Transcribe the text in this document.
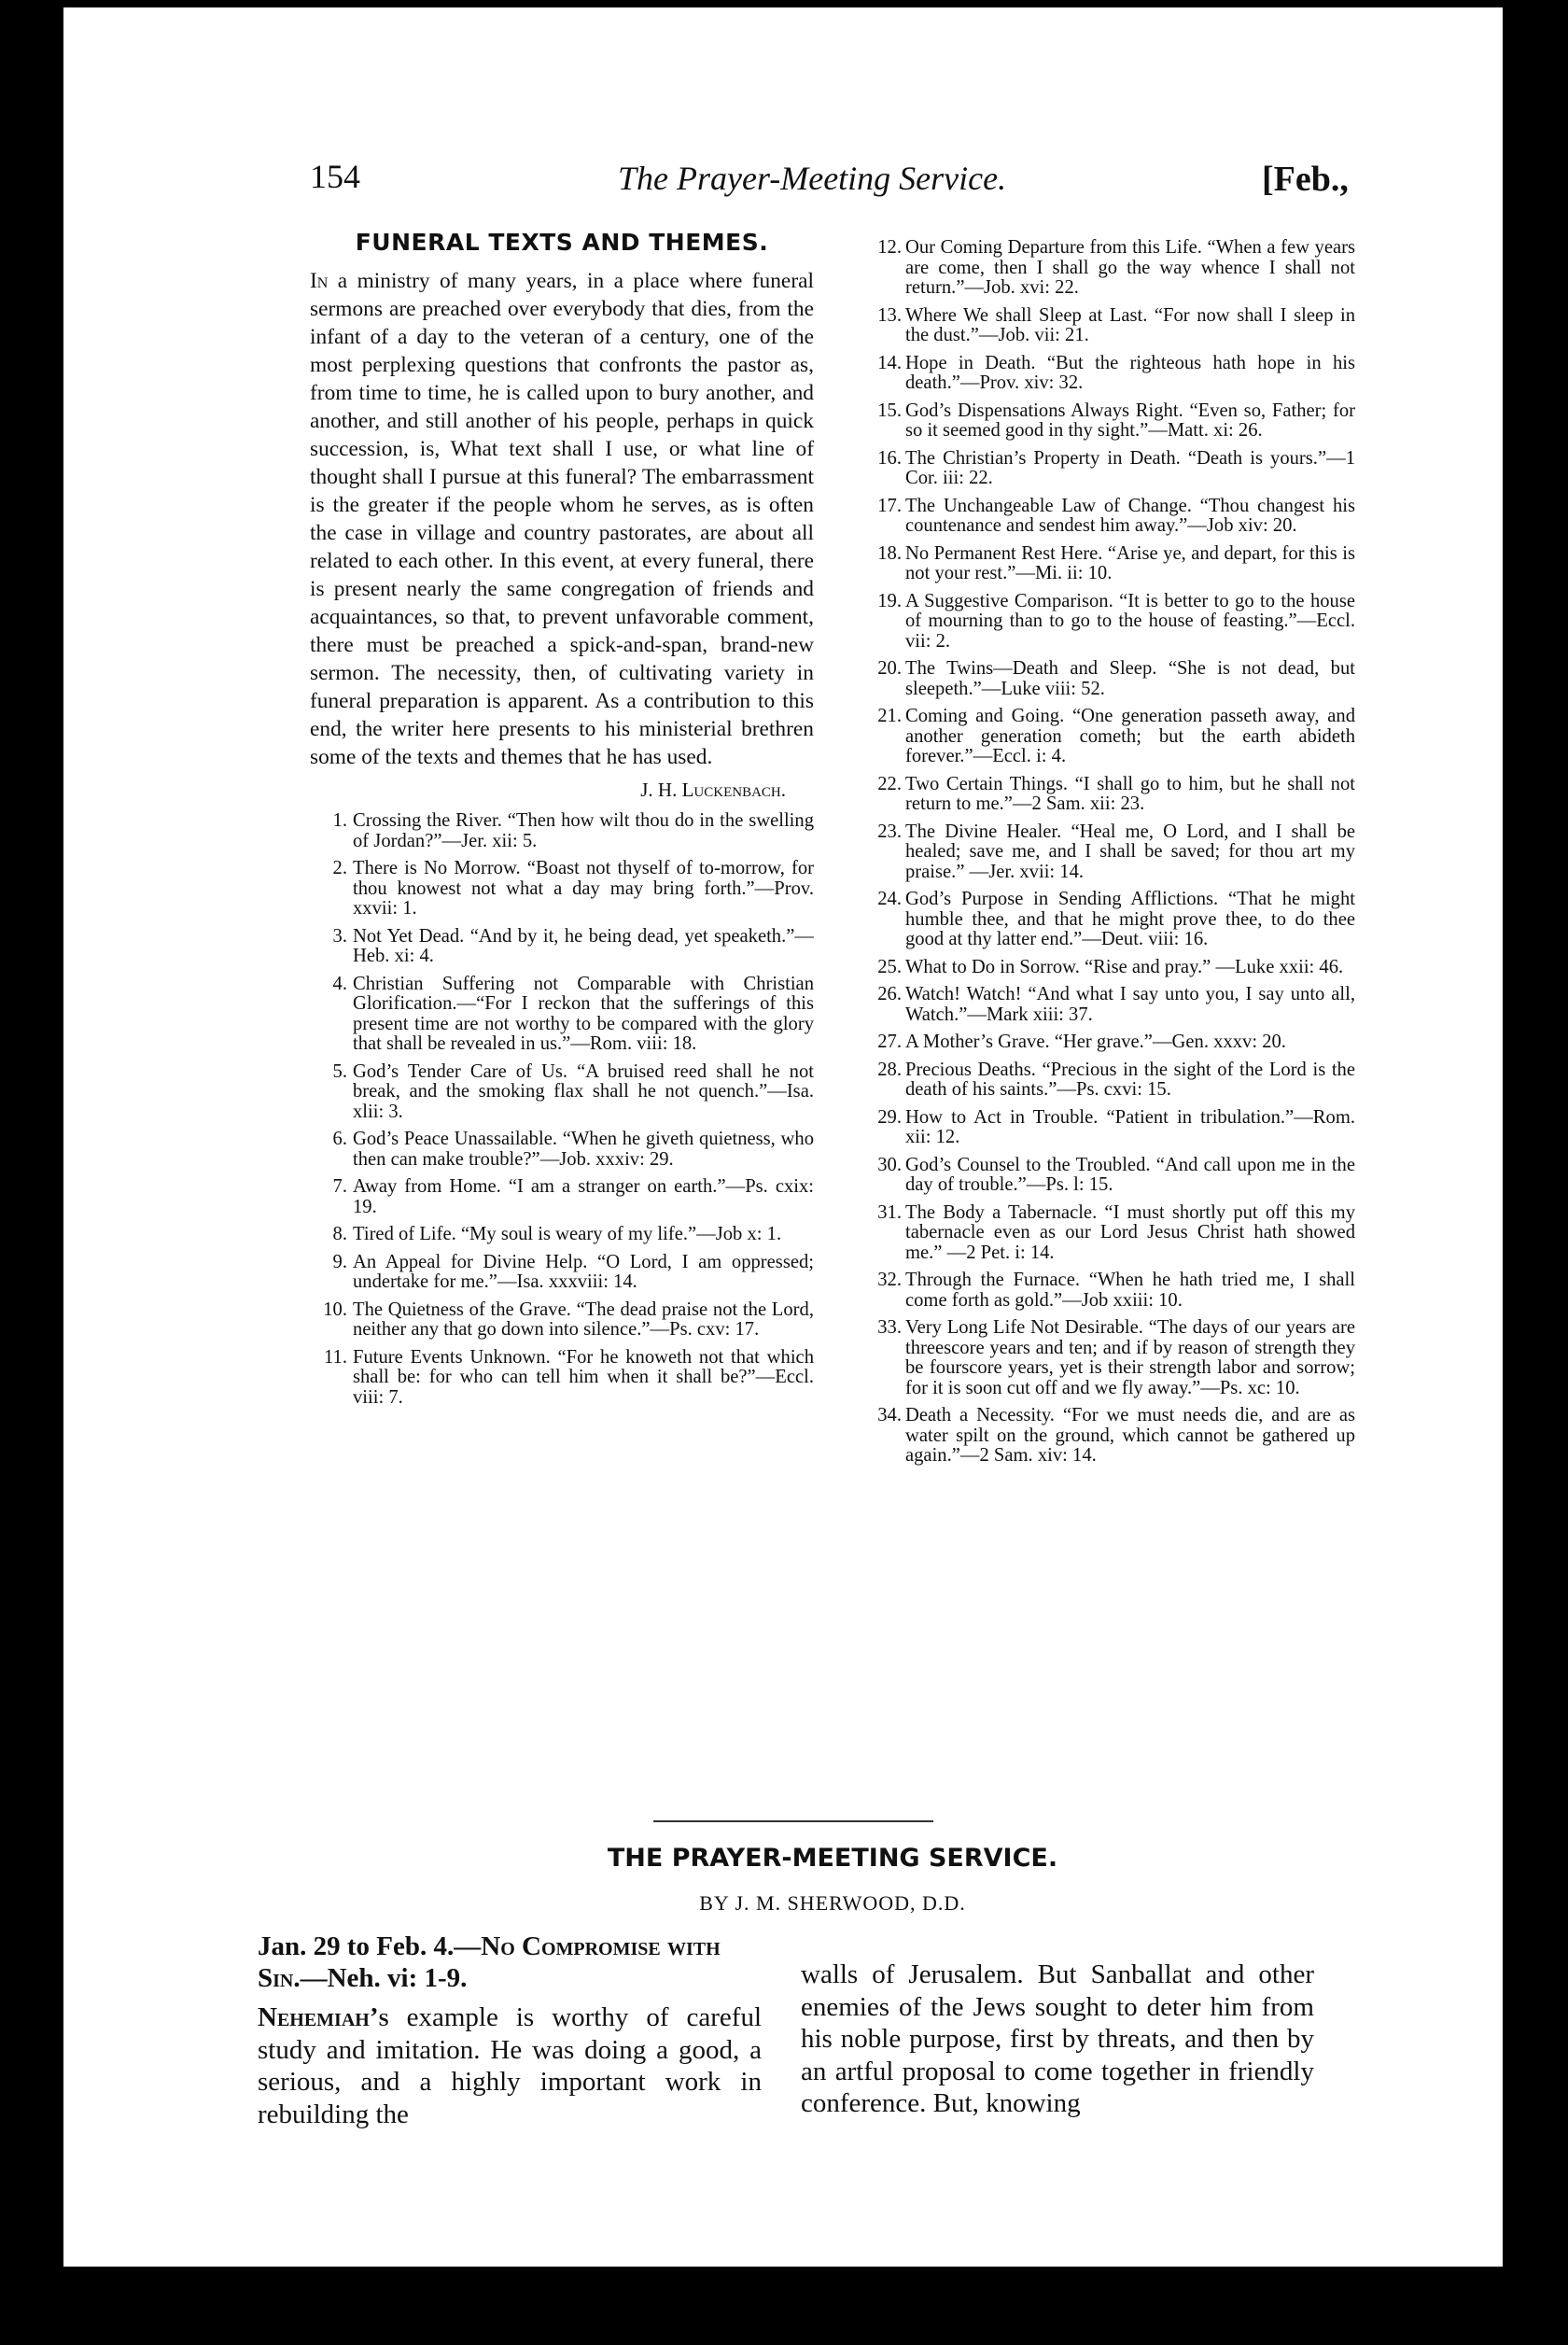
154	The Prayer-Meeting Service.	[Feb.,
FUNERAL TEXTS AND THEMES.

In a ministry of many years, in a place where funeral sermons are preached over everybody that dies, from the infant of a day to the veteran of a century, one of the most perplexing questions that confronts the pastor as, from time to time, he is called upon to bury another, and another, and still another of his people, perhaps in quick succession, is, What text shall I use, or what line of thought shall I pursue at this funeral? The embarrassment is the greater if the people whom he serves, as is often the case in village and country pastorates, are about all related to each other. In this event, at every funeral, there is present nearly the same congregation of friends and acquaintances, so that, to prevent unfavorable comment, there must be preached a spick-and-span, brand-new sermon. The necessity, then, of cultivating variety in funeral preparation is apparent. As a contribution to this end, the writer here presents to his ministerial brethren some of the texts and themes that he has used.

J. H. Luckenbach.
1. Crossing the River. “Then how wilt thou do in the swelling of Jordan?”—Jer. xii: 5.
2. There is No Morrow. “Boast not thyself of to-morrow, for thou knowest not what a day may bring forth.”—Prov. xxvii: 1.
3. Not Yet Dead. “And by it, he being dead, yet speaketh.”—Heb. xi: 4.
4. Christian Suffering not Comparable with Christian Glorification.—“For I reckon that the sufferings of this present time are not worthy to be compared with the glory that shall be revealed in us.”—Rom. viii: 18.
5. God’s Tender Care of Us. “A bruised reed shall he not break, and the smoking flax shall he not quench.”—Isa. xlii: 3.
6. God’s Peace Unassailable. “When he giveth quietness, who then can make trouble?”—Job. xxxiv: 29.
7. Away from Home. “I am a stranger on earth.”—Ps. cxix: 19.
8. Tired of Life. “My soul is weary of my life.”—Job x: 1.
9. An Appeal for Divine Help. “O Lord, I am oppressed; undertake for me.”—Isa. xxxviii: 14.
10. The Quietness of the Grave. “The dead praise not the Lord, neither any that go down into silence.”—Ps. cxv: 17.
11. Future Events Unknown. “For he knoweth not that which shall be: for who can tell him when it shall be?”—Eccl. viii: 7.
12. Our Coming Departure from this Life. “When a few years are come, then I shall go the way whence I shall not return.”—Job. xvi: 22.
13. Where We shall Sleep at Last. “For now shall I sleep in the dust.”—Job. vii: 21.
14. Hope in Death. “But the righteous hath hope in his death.”—Prov. xiv: 32.
15. God’s Dispensations Always Right. “Even so, Father; for so it seemed good in thy sight.”—Matt. xi: 26.
16. The Christian’s Property in Death. “Death is yours.”—1 Cor. iii: 22.
17. The Unchangeable Law of Change. “Thou changest his countenance and sendest him away.”—Job xiv: 20.
18. No Permanent Rest Here. “Arise ye, and depart, for this is not your rest.”—Mi. ii: 10.
19. A Suggestive Comparison. “It is better to go to the house of mourning than to go to the house of feasting.”—Eccl. vii: 2.
20. The Twins—Death and Sleep. “She is not dead, but sleepeth.”—Luke viii: 52.
21. Coming and Going. “One generation passeth away, and another generation cometh; but the earth abideth forever.”—Eccl. i: 4.
22. Two Certain Things. “I shall go to him, but he shall not return to me.”—2 Sam. xii: 23.
23. The Divine Healer. “Heal me, O Lord, and I shall be healed; save me, and I shall be saved; for thou art my praise.” —Jer. xvii: 14.
24. God’s Purpose in Sending Afflictions. “That he might humble thee, and that he might prove thee, to do thee good at thy latter end.”—Deut. viii: 16.
25. What to Do in Sorrow. “Rise and pray.” —Luke xxii: 46.
26. Watch! Watch! “And what I say unto you, I say unto all, Watch.”—Mark xiii: 37.
27. A Mother’s Grave. “Her grave.”—Gen. xxxv: 20.
28. Precious Deaths. “Precious in the sight of the Lord is the death of his saints.”—Ps. cxvi: 15.
29. How to Act in Trouble. “Patient in tribulation.”—Rom. xii: 12.
30. God’s Counsel to the Troubled. “And call upon me in the day of trouble.”—Ps. l: 15.
31. The Body a Tabernacle. “I must shortly put off this my tabernacle even as our Lord Jesus Christ hath showed me.” —2 Pet. i: 14.
32. Through the Furnace. “When he hath tried me, I shall come forth as gold.”—Job xxiii: 10.
33. Very Long Life Not Desirable. “The days of our years are threescore years and ten; and if by reason of strength they be fourscore years, yet is their strength labor and sorrow; for it is soon cut off and we fly away.”—Ps. xc: 10.
34. Death a Necessity. “For we must needs die, and are as water spilt on the ground, which cannot be gathered up again.”—2 Sam. xiv: 14.
THE PRAYER-MEETING SERVICE.
BY J. M. SHERWOOD, D.D.

Jan. 29 to Feb. 4.—No Compromise with Sin.—Neh. vi: 1-9.

Nehemiah’s example is worthy of careful study and imitation. He was doing a good, a serious, and a highly important work in rebuilding the

walls of Jerusalem. But Sanballat and other enemies of the Jews sought to deter him from his noble purpose, first by threats, and then by an artful proposal to come together in friendly conference. But, knowing
